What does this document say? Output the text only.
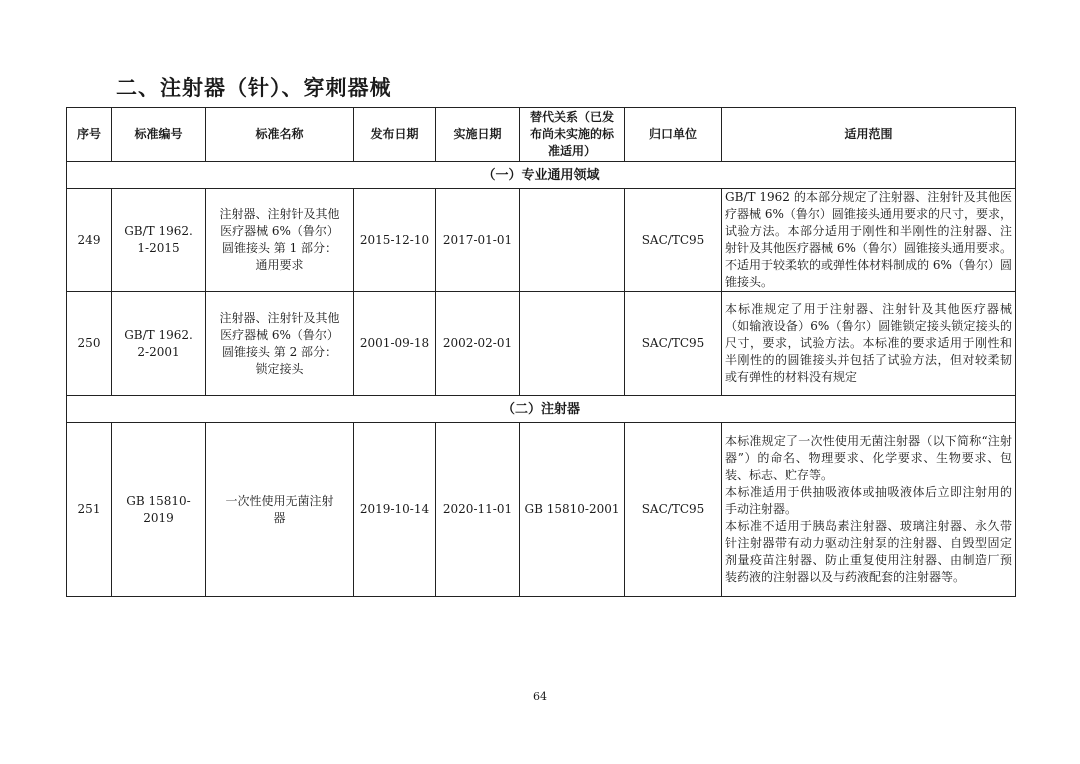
二、注射器（针）、穿刺器械
序号	标准编号	标准名称	发布日期	实施日期	替代关系（已发布尚未实施的标准适用）	归口单位	适用范围
（一）专业通用领域							
249	GB/T 1962.1-2015	注射器、注射针及其他医疗器械 6%（鲁尔）圆锥接头 第 1 部分：通用要求	2015-12-10	2017-01-01		SAC/TC95	GB/T 1962 的本部分规定了注射器、注射针及其他医疗器械 6%（鲁尔）圆锥接头通用要求的尺寸，要求，试验方法。本部分适用于刚性和半刚性的注射器、注射针及其他医疗器械 6%（鲁尔）圆锥接头通用要求。不适用于较柔软的或弹性体材料制成的 6%（鲁尔）圆锥接头。
250	GB/T 1962.2-2001	注射器、注射针及其他医疗器械 6%（鲁尔）圆锥接头 第 2 部分：锁定接头	2001-09-18	2002-02-01		SAC/TC95	本标准规定了用于注射器、注射针及其他医疗器械（如输液设备）6%（鲁尔）圆锥锁定接头锁定接头的尺寸，要求，试验方法。本标准的要求适用于刚性和半刚性的的圆锥接头并包括了试验方法，但对较柔韧或有弹性的材料没有规定
（二）注射器							
251	GB 15810-2019	一次性使用无菌注射器	2019-10-14	2020-11-01	GB 15810-2001	SAC/TC95	本标准规定了一次性使用无菌注射器（以下简称“注射器”）的命名、物理要求、化学要求、生物要求、包装、标志、贮存等。
本标准适用于供抽吸液体或抽吸液体后立即注射用的手动注射器。
本标准不适用于胰岛素注射器、玻璃注射器、永久带针注射器带有动力驱动注射泵的注射器、自毁型固定剂量疫苗注射器、防止重复使用注射器、由制造厂预装药液的注射器以及与药液配套的注射器等。
64
